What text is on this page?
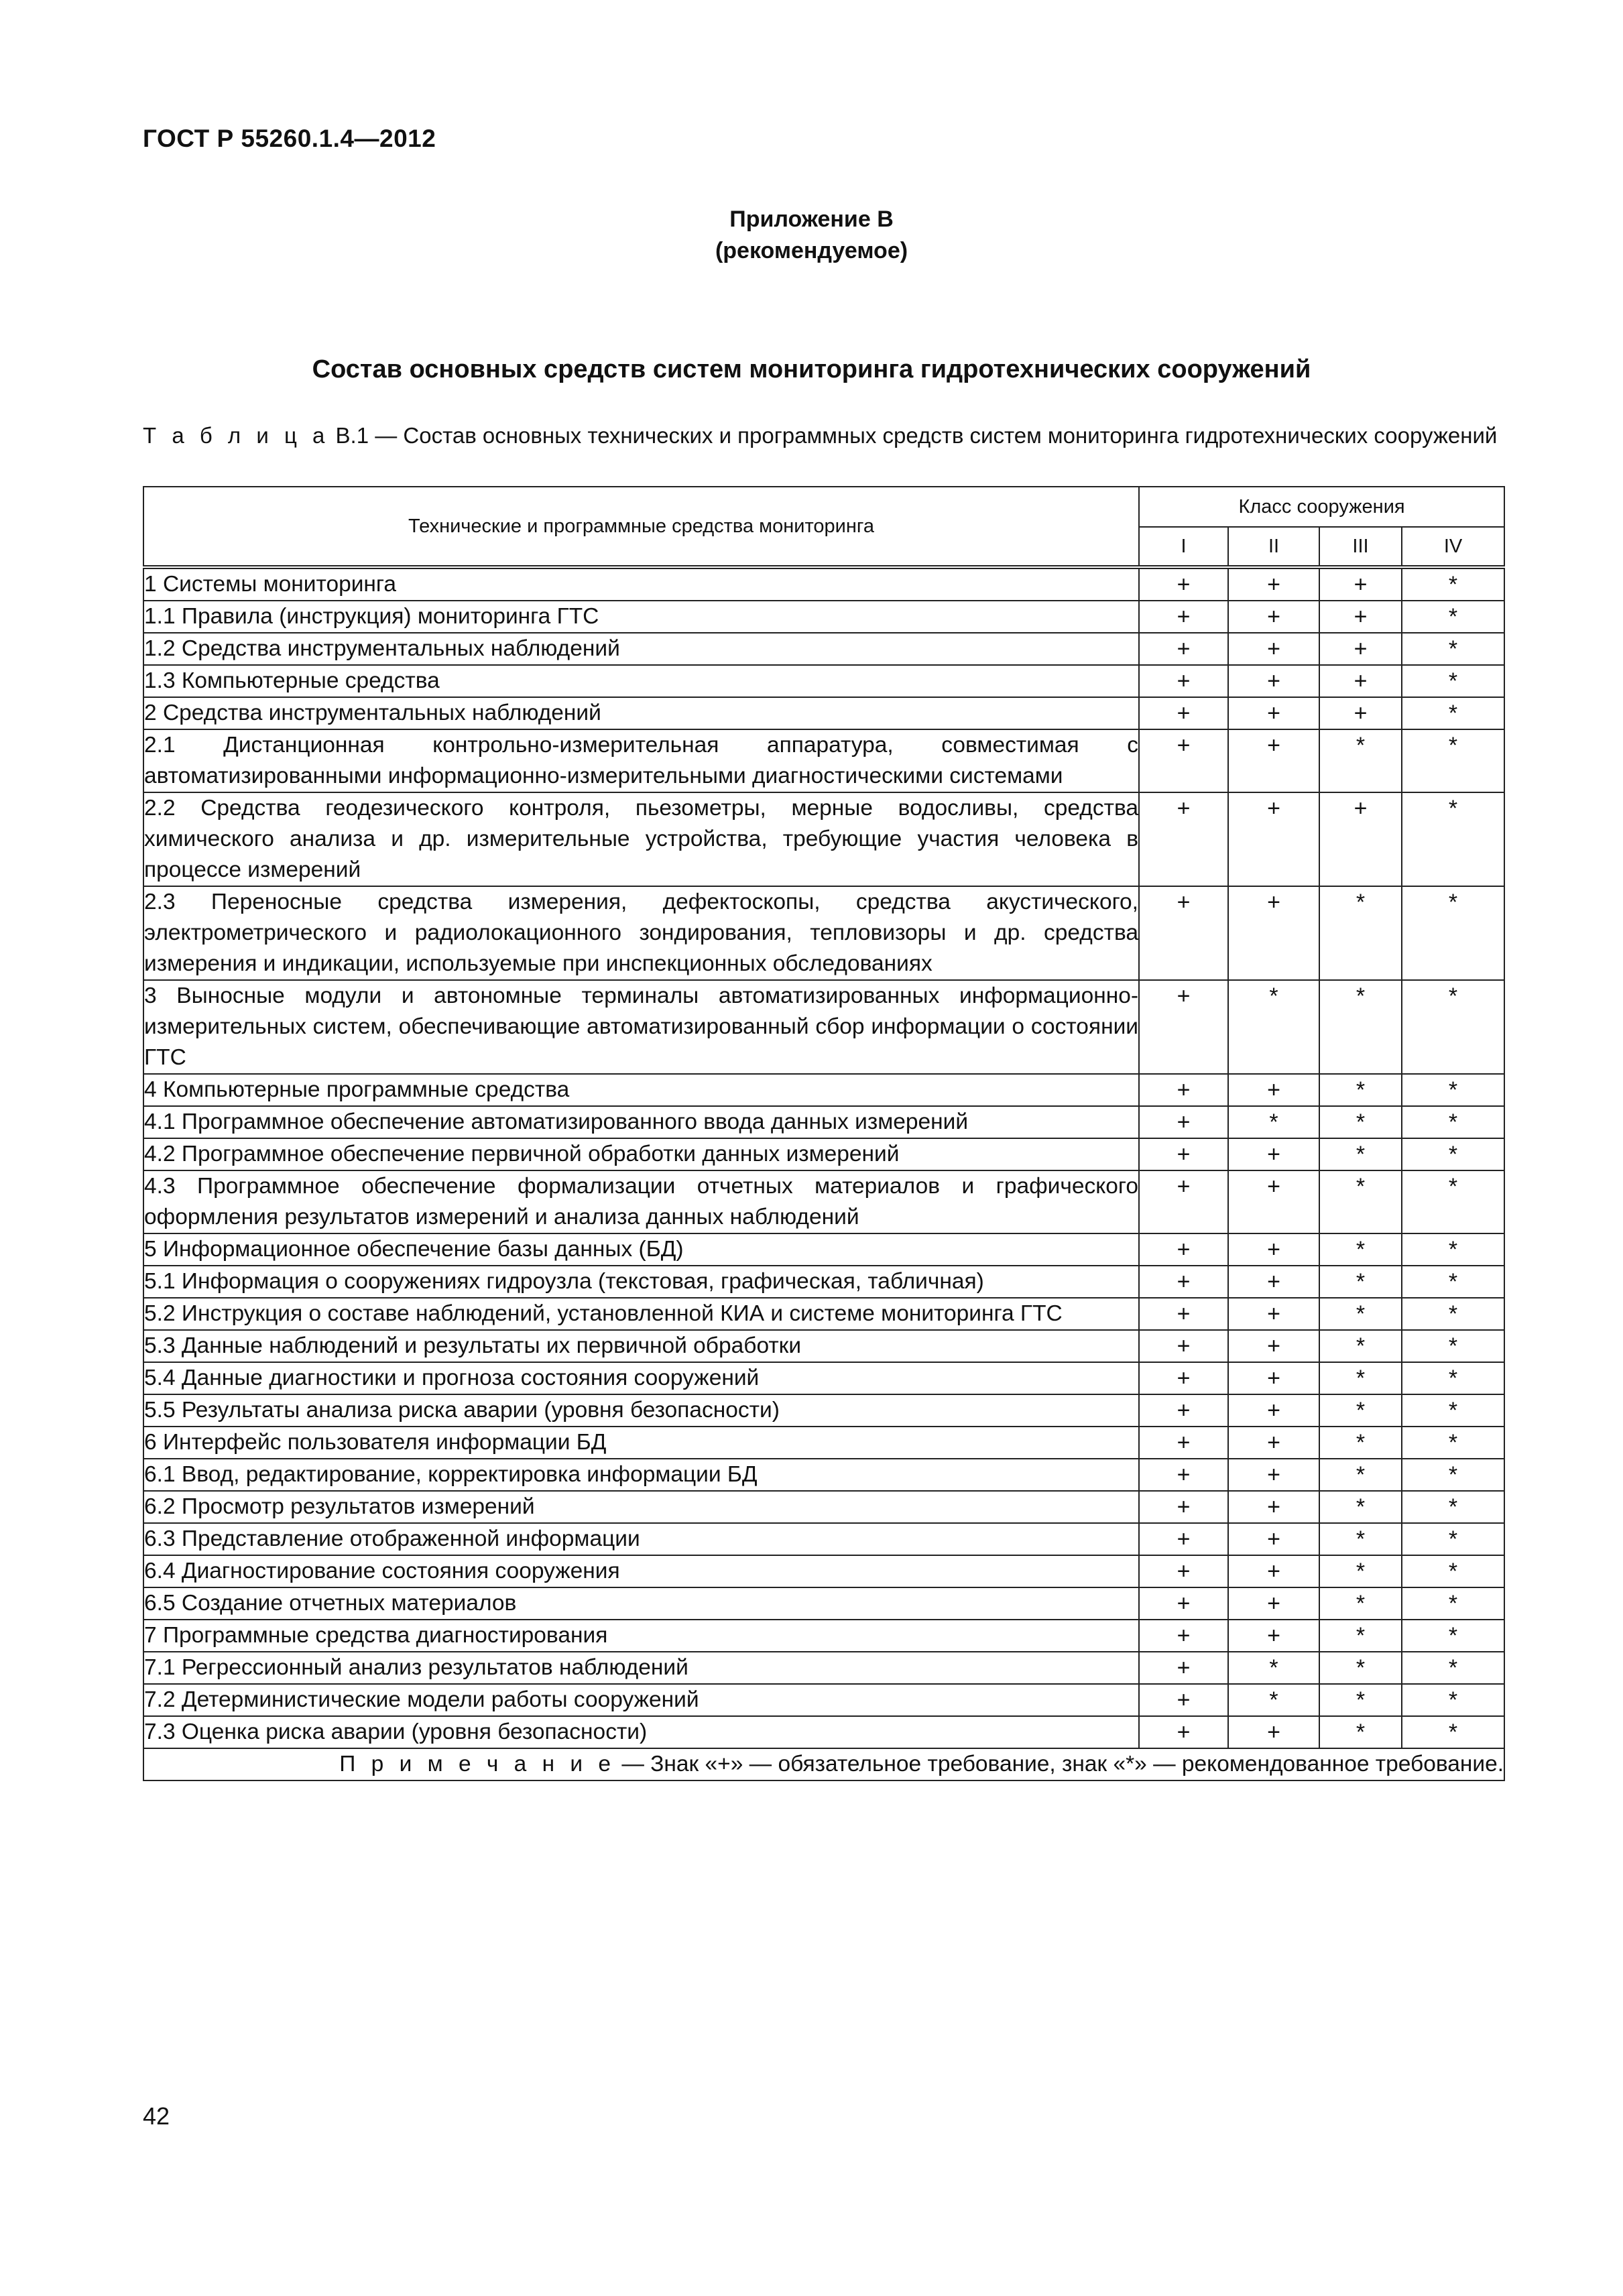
ГОСТ Р 55260.1.4—2012
Приложение В
(рекомендуемое)
Состав основных средств систем мониторинга гидротехнических сооружений
Т а б л и ц а В.1 — Состав основных технических и программных средств систем мониторинга гидротехнических сооружений
Технические и программные средства мониторинга	Класс сооружения			
	I	II	III	IV
1 Системы мониторинга	+	+	+	*
1.1 Правила (инструкция) мониторинга ГТС	+	+	+	*
1.2 Средства инструментальных наблюдений	+	+	+	*
1.3 Компьютерные средства	+	+	+	*
2 Средства инструментальных наблюдений	+	+	+	*
2.1 Дистанционная контрольно-измерительная аппаратура, совместимая с автоматизированными информационно-измерительными диагностическими системами	+	+	*	*
2.2 Средства геодезического контроля, пьезометры, мерные водосливы, средства химического анализа и др. измерительные устройства, требующие участия человека в процессе измерений	+	+	+	*
2.3 Переносные средства измерения, дефектоскопы, средства акустического, электрометрического и радиолокационного зондирования, тепловизоры и др. средства измерения и индикации, используемые при инспекционных обследованиях	+	+	*	*
3 Выносные модули и автономные терминалы автоматизированных информационно-измерительных систем, обеспечивающие автоматизированный сбор информации о состоянии ГТС	+	*	*	*
4 Компьютерные программные средства	+	+	*	*
4.1 Программное обеспечение автоматизированного ввода данных измерений	+	*	*	*
4.2 Программное обеспечение первичной обработки данных измерений	+	+	*	*
4.3 Программное обеспечение формализации отчетных материалов и графического оформления результатов измерений и анализа данных наблюдений	+	+	*	*
5 Информационное обеспечение базы данных (БД)	+	+	*	*
5.1 Информация о сооружениях гидроузла (текстовая, графическая, табличная)	+	+	*	*
5.2 Инструкция о составе наблюдений, установленной КИА и системе мониторинга ГТС	+	+	*	*
5.3 Данные наблюдений и результаты их первичной обработки	+	+	*	*
5.4 Данные диагностики и прогноза состояния сооружений	+	+	*	*
5.5 Результаты анализа риска аварии (уровня безопасности)	+	+	*	*
6 Интерфейс пользователя информации БД	+	+	*	*
6.1 Ввод, редактирование, корректировка информации БД	+	+	*	*
6.2 Просмотр результатов измерений	+	+	*	*
6.3 Представление отображенной информации	+	+	*	*
6.4 Диагностирование состояния сооружения	+	+	*	*
6.5 Создание отчетных материалов	+	+	*	*
7 Программные средства диагностирования	+	+	*	*
7.1 Регрессионный анализ результатов наблюдений	+	*	*	*
7.2 Детерминистические модели работы сооружений	+	*	*	*
7.3 Оценка риска аварии (уровня безопасности)	+	+	*	*
П р и м е ч а н и е — Знак «+» — обязательное требование, знак «*» — рекомендованное требование.				
42
